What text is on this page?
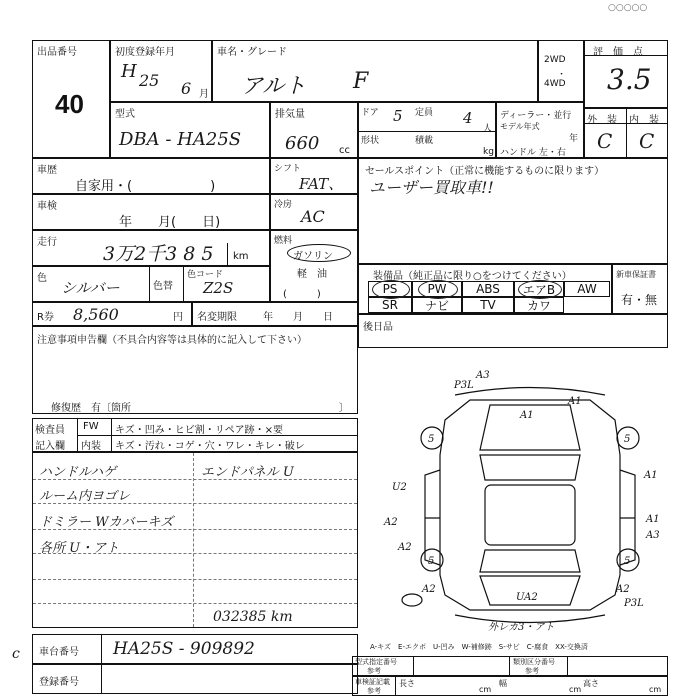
○○○○○
出品番号
40
初度登録年月
H 25 6 月
車名・グレード
アルト F
2WD
・
4WD
評　価　点
3.5
型式
DBA - HA25S
排気量
660 cc
ドア 5 定員 4
人
形状	積載
kg
ディーラー・並行
モデル年式
年
ハンドル 左・右
外　装 内　装
C C
車歴
自家用・(　　　　　　)
シフト
FAT、
車検
年　　月(　　日)
冷房
AC
走行
3万2千3 8 5 km
燃料
ガソリン
軽　油
(　　　)
色
シルバー	色替
色コード
Z2S
R券 8,560	円 名変期限	年　　月　　日
注意事項申告欄（不具合内容等は具体的に記入して下さい）
修復歴　有〔箇所	〕
セールスポイント（正常に機能するものに限ります）
ユーザー買取車!!
装備品（純正品に限り○をつけてください）
PS	PW	ABS	エアB	AW
SR	ナビ	TV	カワ
新車保証書
有・無
後日品
検査員
記入欄
FW
内装
キズ・凹み・ヒビ割・リペア跡・×要
キズ・汚れ・コゲ・穴・ワレ・キレ・破レ
ハンドルハゲ
ルーム内ヨゴレ
ドミラー Wカバーキズ
各所 U・アト
エンドパネル U
032385 km
5	5
5	5
A3
P3L
A1
A1
A1
U2
A2	A1
A3
A2
A2
UA2
A2
P3L
外レカ3・アト
A-キズ　E-エクボ　U-凹み　W-補修跡　S-サビ　C-腐食　XX-交換済
車台番号 HA25S - 909892
登録番号
型式指定番号
参考
類別区分番号
参考
車検証記載
参考
長さ
cm
幅
cm
高さ
cm
c
